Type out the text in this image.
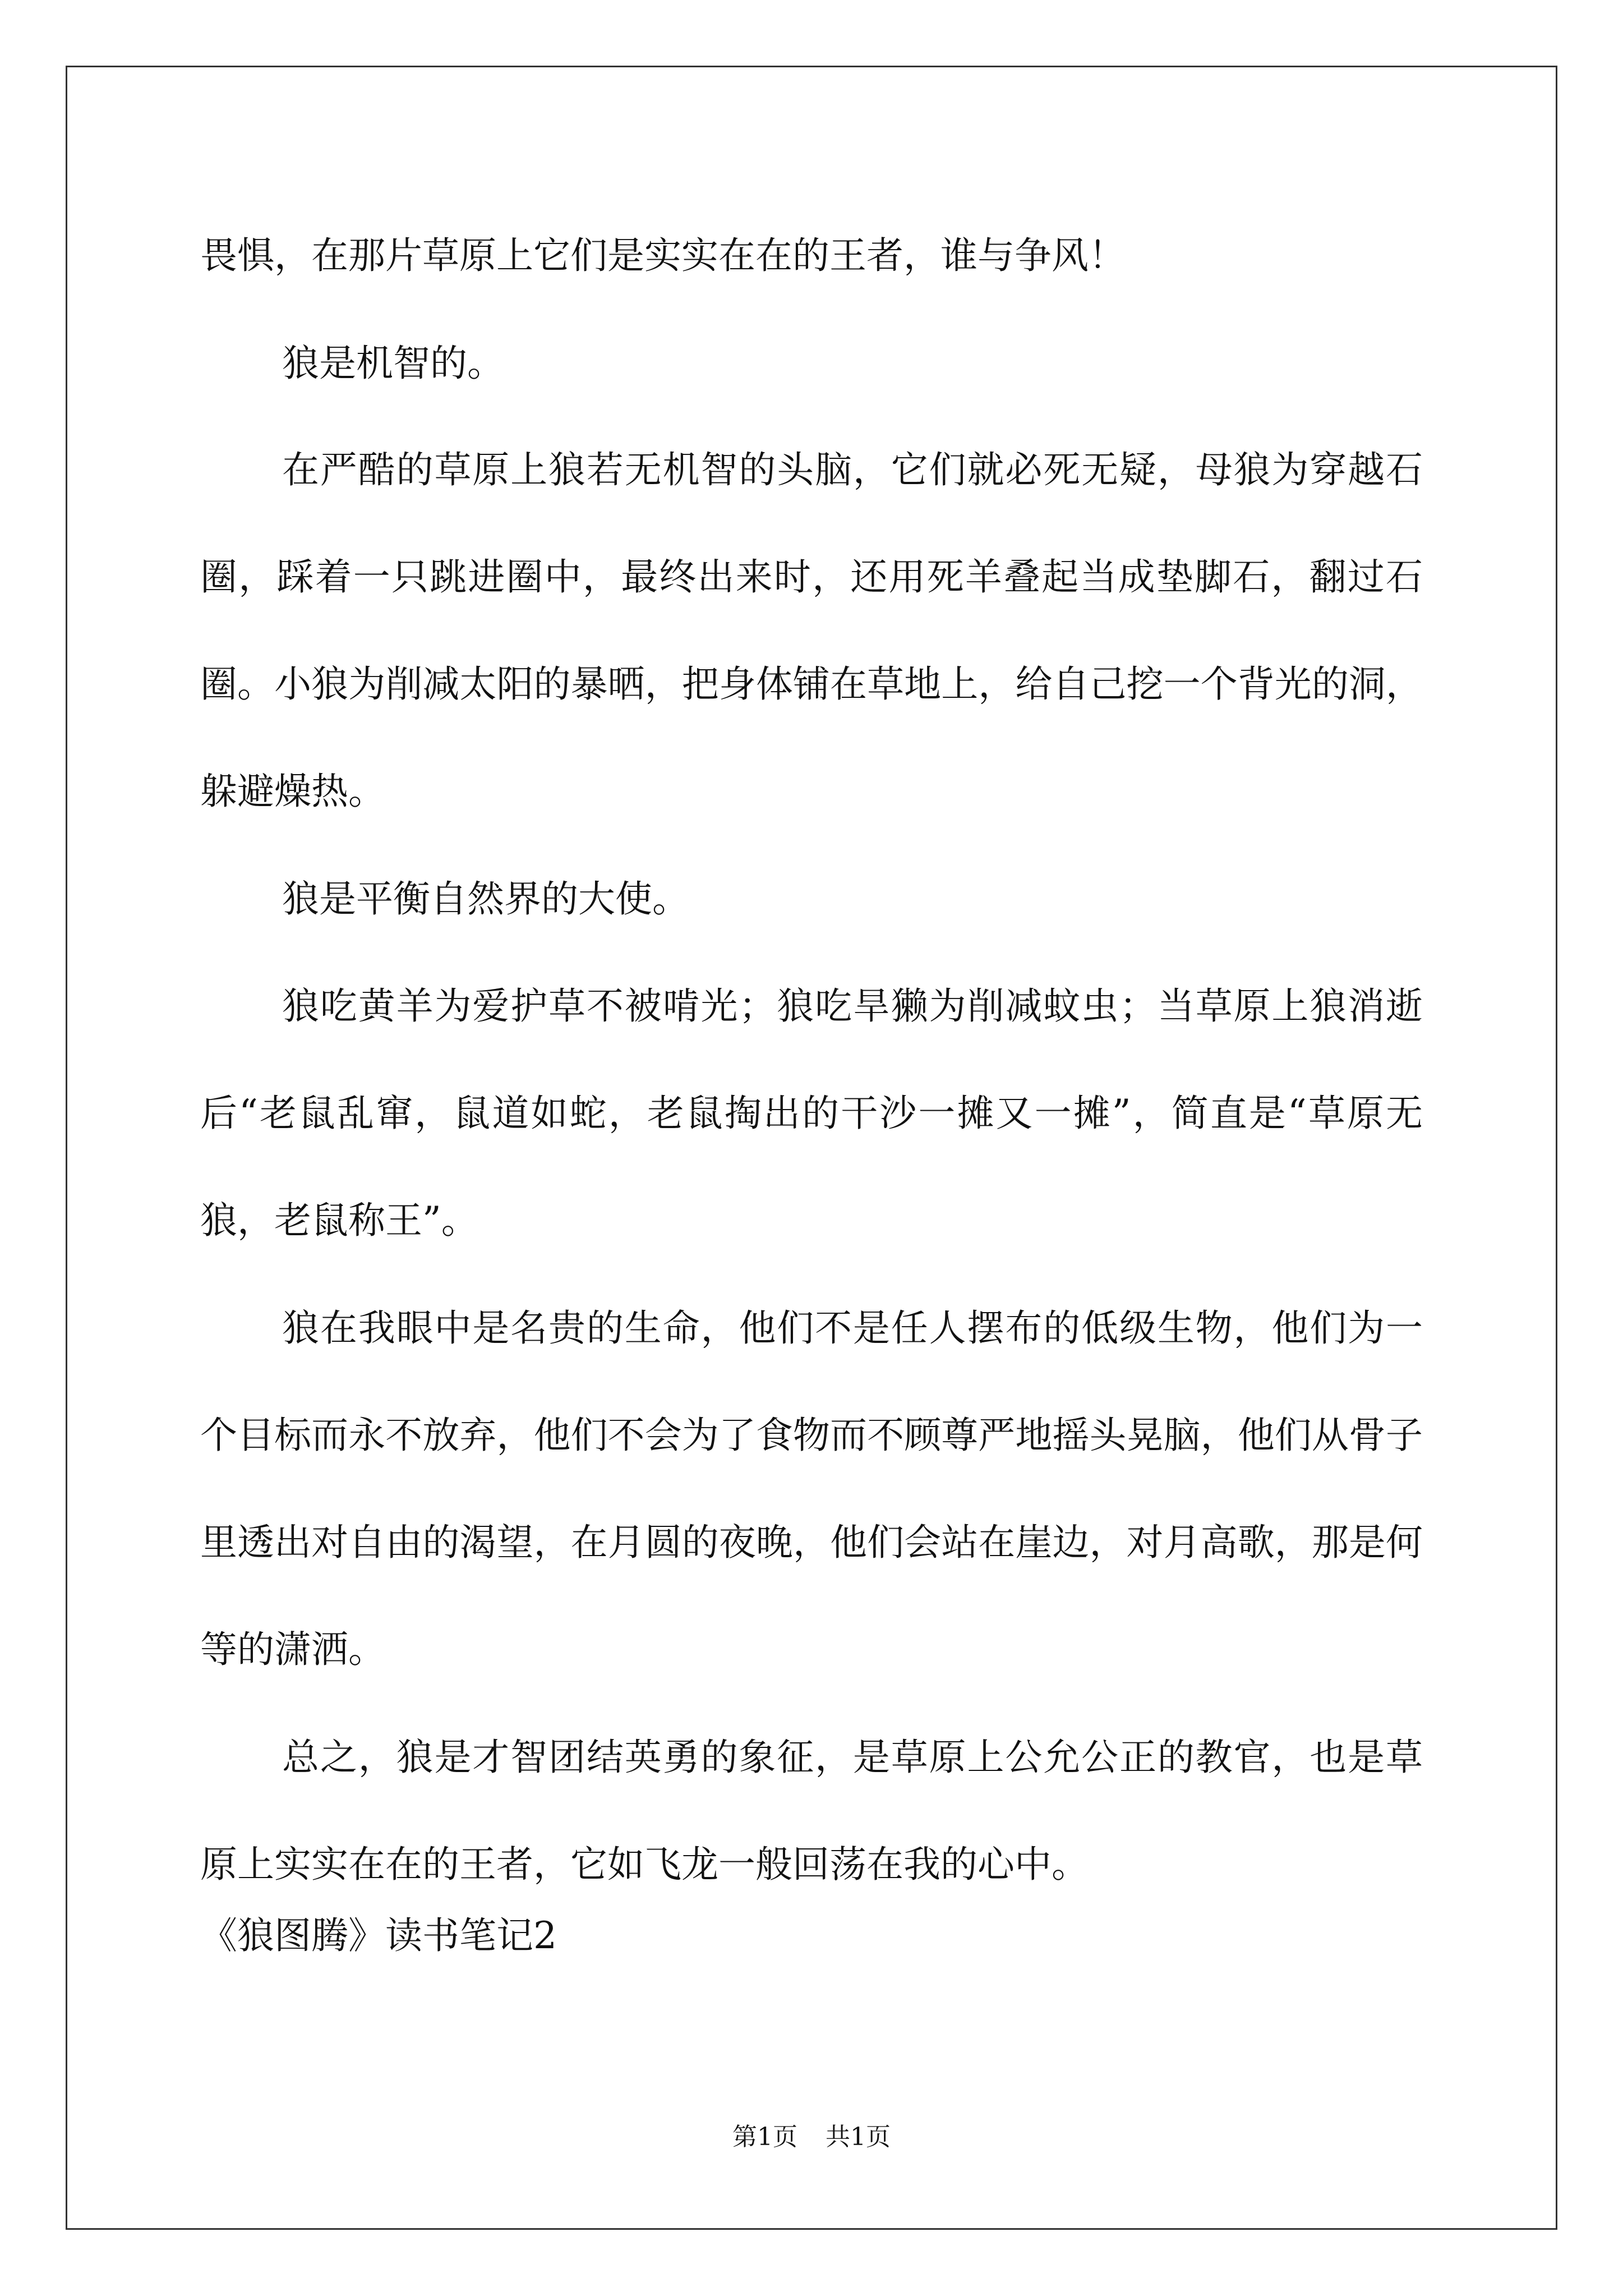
畏惧，在那片草原上它们是实实在在的王者，谁与争风！

狼是机智的。

在严酷的草原上狼若无机智的头脑，它们就必死无疑，母狼为穿越石圈，踩着一只跳进圈中，最终出来时，还用死羊叠起当成垫脚石，翻过石圈。小狼为削减太阳的暴晒，把身体铺在草地上，给自己挖一个背光的洞，躲避燥热。

狼是平衡自然界的大使。

狼吃黄羊为爱护草不被啃光；狼吃旱獭为削减蚊虫；当草原上狼消逝后“老鼠乱窜，鼠道如蛇，老鼠掏出的干沙一摊又一摊”，简直是“草原无狼，老鼠称王”。

狼在我眼中是名贵的生命，他们不是任人摆布的低级生物，他们为一个目标而永不放弃，他们不会为了食物而不顾尊严地摇头晃脑，他们从骨子里透出对自由的渴望，在月圆的夜晚，他们会站在崖边，对月高歌，那是何等的潇洒。

总之，狼是才智团结英勇的象征，是草原上公允公正的教官，也是草原上实实在在的王者，它如飞龙一般回荡在我的心中。

《狼图腾》读书笔记2
第1页 共1页
